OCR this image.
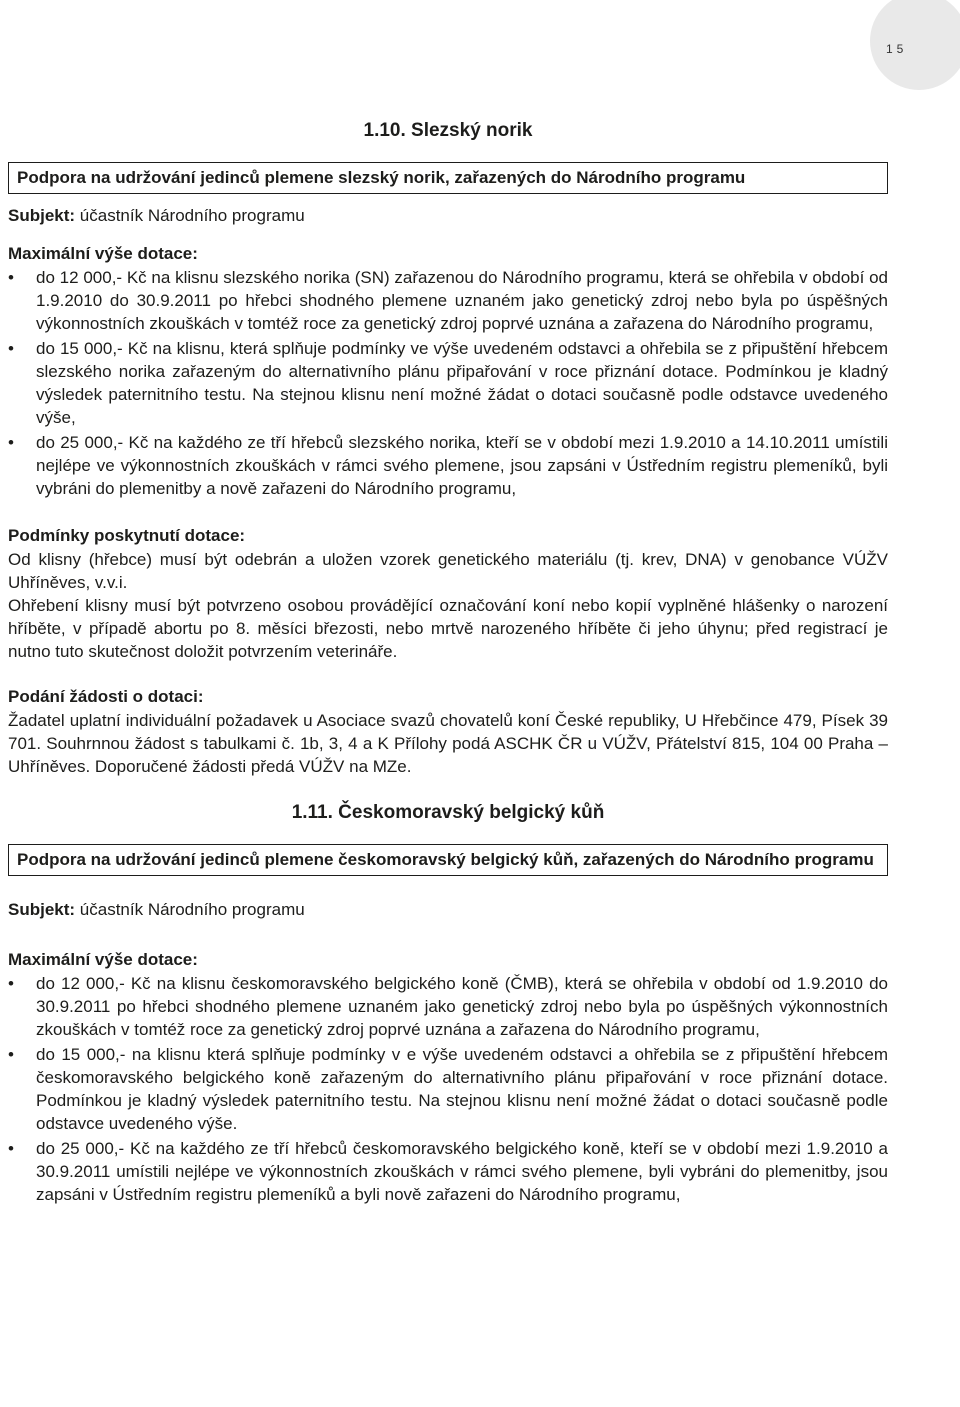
15
1.10. Slezský norik
Podpora na udržování jedinců plemene slezský norik, zařazených do Národního programu
Subjekt: účastník Národního programu
Maximální výše dotace:
• do 12 000,- Kč na klisnu slezského norika (SN) zařazenou do Národního programu, která se ohřebila v období od 1.9.2010 do 30.9.2011 po hřebci shodného plemene uznaném jako genetický zdroj nebo byla po úspěšných výkonnostních zkouškách v tomtéž roce za genetický zdroj poprvé uznána a zařazena do Národního programu,
• do 15 000,- Kč na klisnu, která splňuje podmínky ve výše uvedeném odstavci a ohřebila se z připuštění hřebcem slezského norika zařazeným do alternativního plánu připařování v roce přiznání dotace. Podmínkou je kladný výsledek paternitního testu. Na stejnou klisnu není možné žádat o dotaci současně podle odstavce uvedeného výše,
• do 25 000,- Kč na každého ze tří hřebců slezského norika, kteří se v období mezi 1.9.2010 a 14.10.2011 umístili nejlépe ve výkonnostních zkouškách v rámci svého plemene, jsou zapsáni v Ústředním registru plemeníků, byli vybráni do plemenitby a nově zařazeni do Národního programu,
Podmínky poskytnutí dotace:

Od klisny (hřebce) musí být odebrán a uložen vzorek genetického materiálu (tj. krev, DNA) v genobance VÚŽV Uhříněves, v.v.i.

Ohřebení klisny musí být potvrzeno osobou provádějící označování koní nebo kopií vyplněné hlášenky o narození hříběte, v případě abortu po 8. měsíci březosti, nebo mrtvě narozeného hříběte či jeho úhynu; před registrací je nutno tuto skutečnost doložit potvrzením veterináře.

Podání žádosti o dotaci:

Žadatel uplatní individuální požadavek u Asociace svazů chovatelů koní České republiky, U Hřebčince 479, Písek 39 701. Souhrnnou žádost s tabulkami č. 1b, 3, 4 a K Přílohy podá ASCHK ČR u VÚŽV, Přátelství 815, 104 00 Praha – Uhříněves. Doporučené žádosti předá VÚŽV na MZe.

1.11. Českomoravský belgický kůň
Podpora na udržování jedinců plemene českomoravský belgický kůň, zařazených do Národního programu
Subjekt: účastník Národního programu
Maximální výše dotace:
• do 12 000,- Kč na klisnu českomoravského belgického koně (ČMB), která se ohřebila v období od 1.9.2010 do 30.9.2011 po hřebci shodného plemene uznaném jako genetický zdroj nebo byla po úspěšných výkonnostních zkouškách v tomtéž roce za genetický zdroj poprvé uznána a zařazena do Národního programu,
• do 15 000,- na klisnu která splňuje podmínky v e výše uvedeném odstavci a ohřebila se z připuštění hřebcem českomoravského belgického koně zařazeným do alternativního plánu připařování v roce přiznání dotace. Podmínkou je kladný výsledek paternitního testu. Na stejnou klisnu není možné žádat o dotaci současně podle odstavce uvedeného výše.
• do 25 000,- Kč na každého ze tří hřebců českomoravského belgického koně, kteří se v období mezi 1.9.2010 a 30.9.2011 umístili nejlépe ve výkonnostních zkouškách v rámci svého plemene, byli vybráni do plemenitby, jsou zapsáni v Ústředním registru plemeníků a byli nově zařazeni do Národního programu,
